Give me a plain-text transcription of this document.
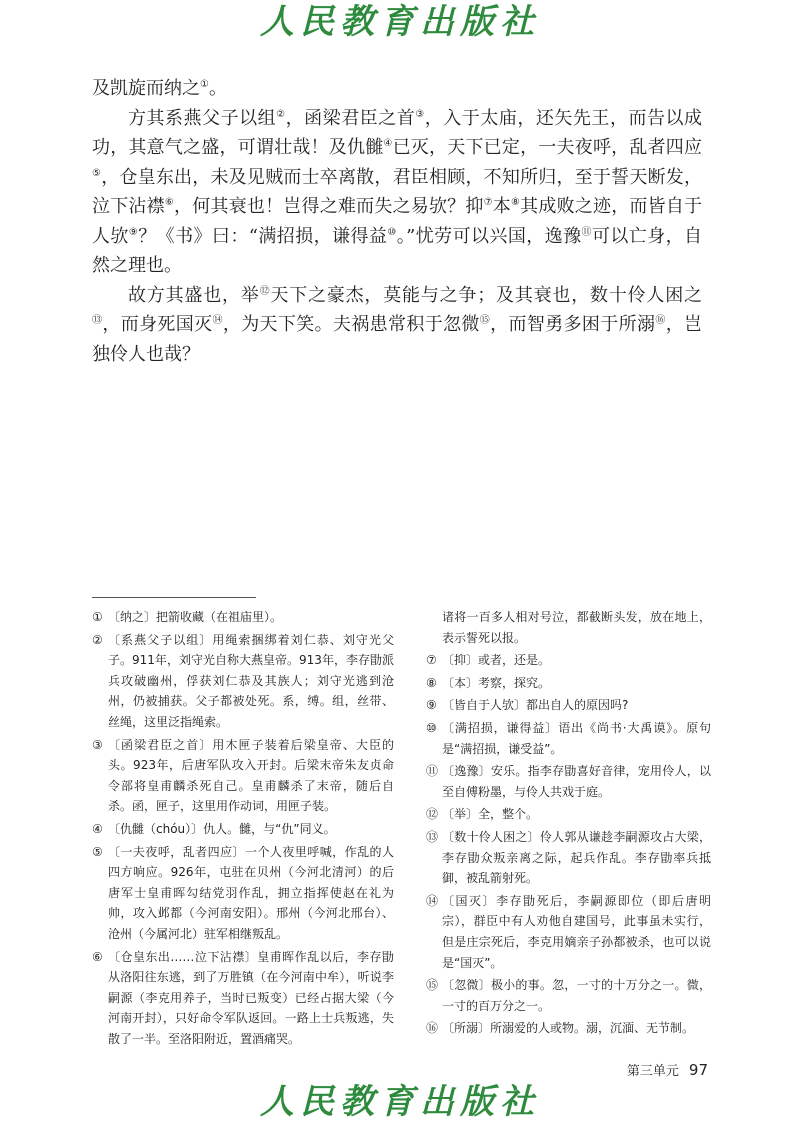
人民教育出版社

及凯旋而纳之①。

方其系燕父子以组②，函梁君臣之首③，入于太庙，还矢先王，而告以成功，其意气之盛，可谓壮哉！及仇雠④已灭，天下已定，一夫夜呼，乱者四应⑤，仓皇东出，未及见贼而士卒离散，君臣相顾，不知所归，至于誓天断发，泣下沾襟⑥，何其衰也！岂得之难而失之易欤？抑⑦本⑧其成败之迹，而皆自于人欤⑨？《书》曰：“满招损，谦得益⑩。”忧劳可以兴国，逸豫⑪可以亡身，自然之理也。

故方其盛也，举⑫天下之豪杰，莫能与之争；及其衰也，数十伶人困之⑬，而身死国灭⑭，为天下笑。夫祸患常积于忽微⑮，而智勇多困于所溺⑯，岂独伶人也哉？

① 〔纳之〕把箭收藏（在祖庙里）。
② 〔系燕父子以组〕用绳索捆绑着刘仁恭、刘守光父子。911年，刘守光自称大燕皇帝。913年，李存勖派兵攻破幽州，俘获刘仁恭及其族人；刘守光逃到沧州，仍被捕获。父子都被处死。系，缚。组，丝带、丝绳，这里泛指绳索。
③ 〔函梁君臣之首〕用木匣子装着后梁皇帝、大臣的头。923年，后唐军队攻入开封。后梁末帝朱友贞命令部将皇甫麟杀死自己。皇甫麟杀了末帝，随后自杀。函，匣子，这里用作动词，用匣子装。
④ 〔仇雠（chóu）〕仇人。雠，与“仇”同义。
⑤ 〔一夫夜呼，乱者四应〕一个人夜里呼喊，作乱的人四方响应。926年，屯驻在贝州（今河北清河）的后唐军士皇甫晖勾结党羽作乱，拥立指挥使赵在礼为帅，攻入邺都（今河南安阳）。邢州（今河北邢台）、沧州（今属河北）驻军相继叛乱。
⑥ 〔仓皇东出……泣下沾襟〕皇甫晖作乱以后，李存勖从洛阳往东逃，到了万胜镇（在今河南中牟），听说李嗣源（李克用养子，当时已叛变）已经占据大梁（今河南开封），只好命令军队返回。一路上士兵叛逃，失散了一半。至洛阳附近，置酒痛哭。
诸将一百多人相对号泣，都截断头发，放在地上，表示誓死以报。
⑦ 〔抑〕或者，还是。
⑧ 〔本〕考察，探究。
⑨ 〔皆自于人欤〕都出自人的原因吗?
⑩ 〔满招损，谦得益〕语出《尚书·大禹谟》。原句是“满招损，谦受益”。
⑪ 〔逸豫〕安乐。指李存勖喜好音律，宠用伶人，以至自傅粉墨，与伶人共戏于庭。
⑫ 〔举〕全，整个。
⑬ 〔数十伶人困之〕伶人郭从谦趁李嗣源攻占大梁，李存勖众叛亲离之际，起兵作乱。李存勖率兵抵御，被乱箭射死。
⑭ 〔国灭〕李存勖死后，李嗣源即位（即后唐明宗），群臣中有人劝他自建国号，此事虽未实行，但是庄宗死后，李克用嫡亲子孙都被杀，也可以说是“国灭”。
⑮ 〔忽微〕极小的事。忽，一寸的十万分之一。微，一寸的百万分之一。
⑯ 〔所溺〕所溺爱的人或物。溺，沉湎、无节制。
第三单元 97
人民教育出版社
